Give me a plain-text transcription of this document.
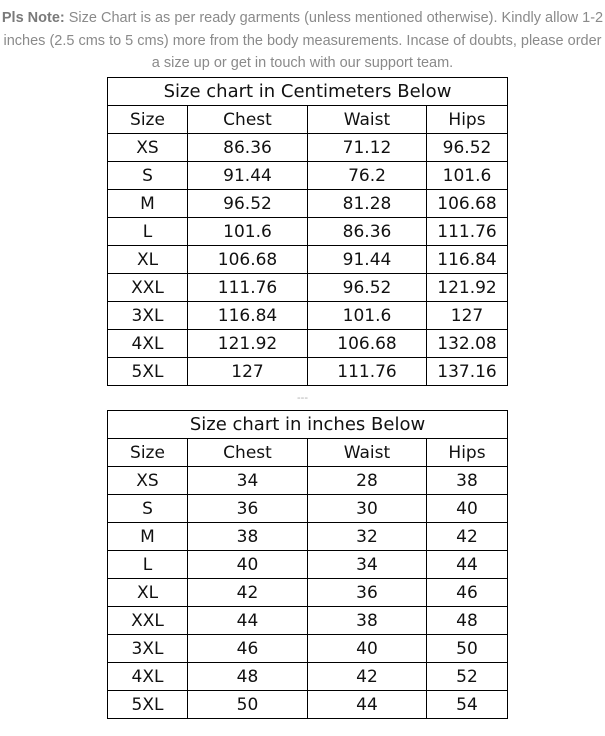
Pls Note: Size Chart is as per ready garments (unless mentioned otherwise). Kindly allow 1-2 inches (2.5 cms to 5 cms) more from the body measurements. Incase of doubts, please order a size up or get in touch with our support team.
Size chart in Centimeters Below			
Size	Chest	Waist	Hips
XS	86.36	71.12	96.52
S	91.44	76.2	101.6
M	96.52	81.28	106.68
L	101.6	86.36	111.76
XL	106.68	91.44	116.84
XXL	111.76	96.52	121.92
3XL	116.84	101.6	127
4XL	121.92	106.68	132.08
5XL	127	111.76	137.16
---
Size chart in inches Below			
Size	Chest	Waist	Hips
XS	34	28	38
S	36	30	40
M	38	32	42
L	40	34	44
XL	42	36	46
XXL	44	38	48
3XL	46	40	50
4XL	48	42	52
5XL	50	44	54
